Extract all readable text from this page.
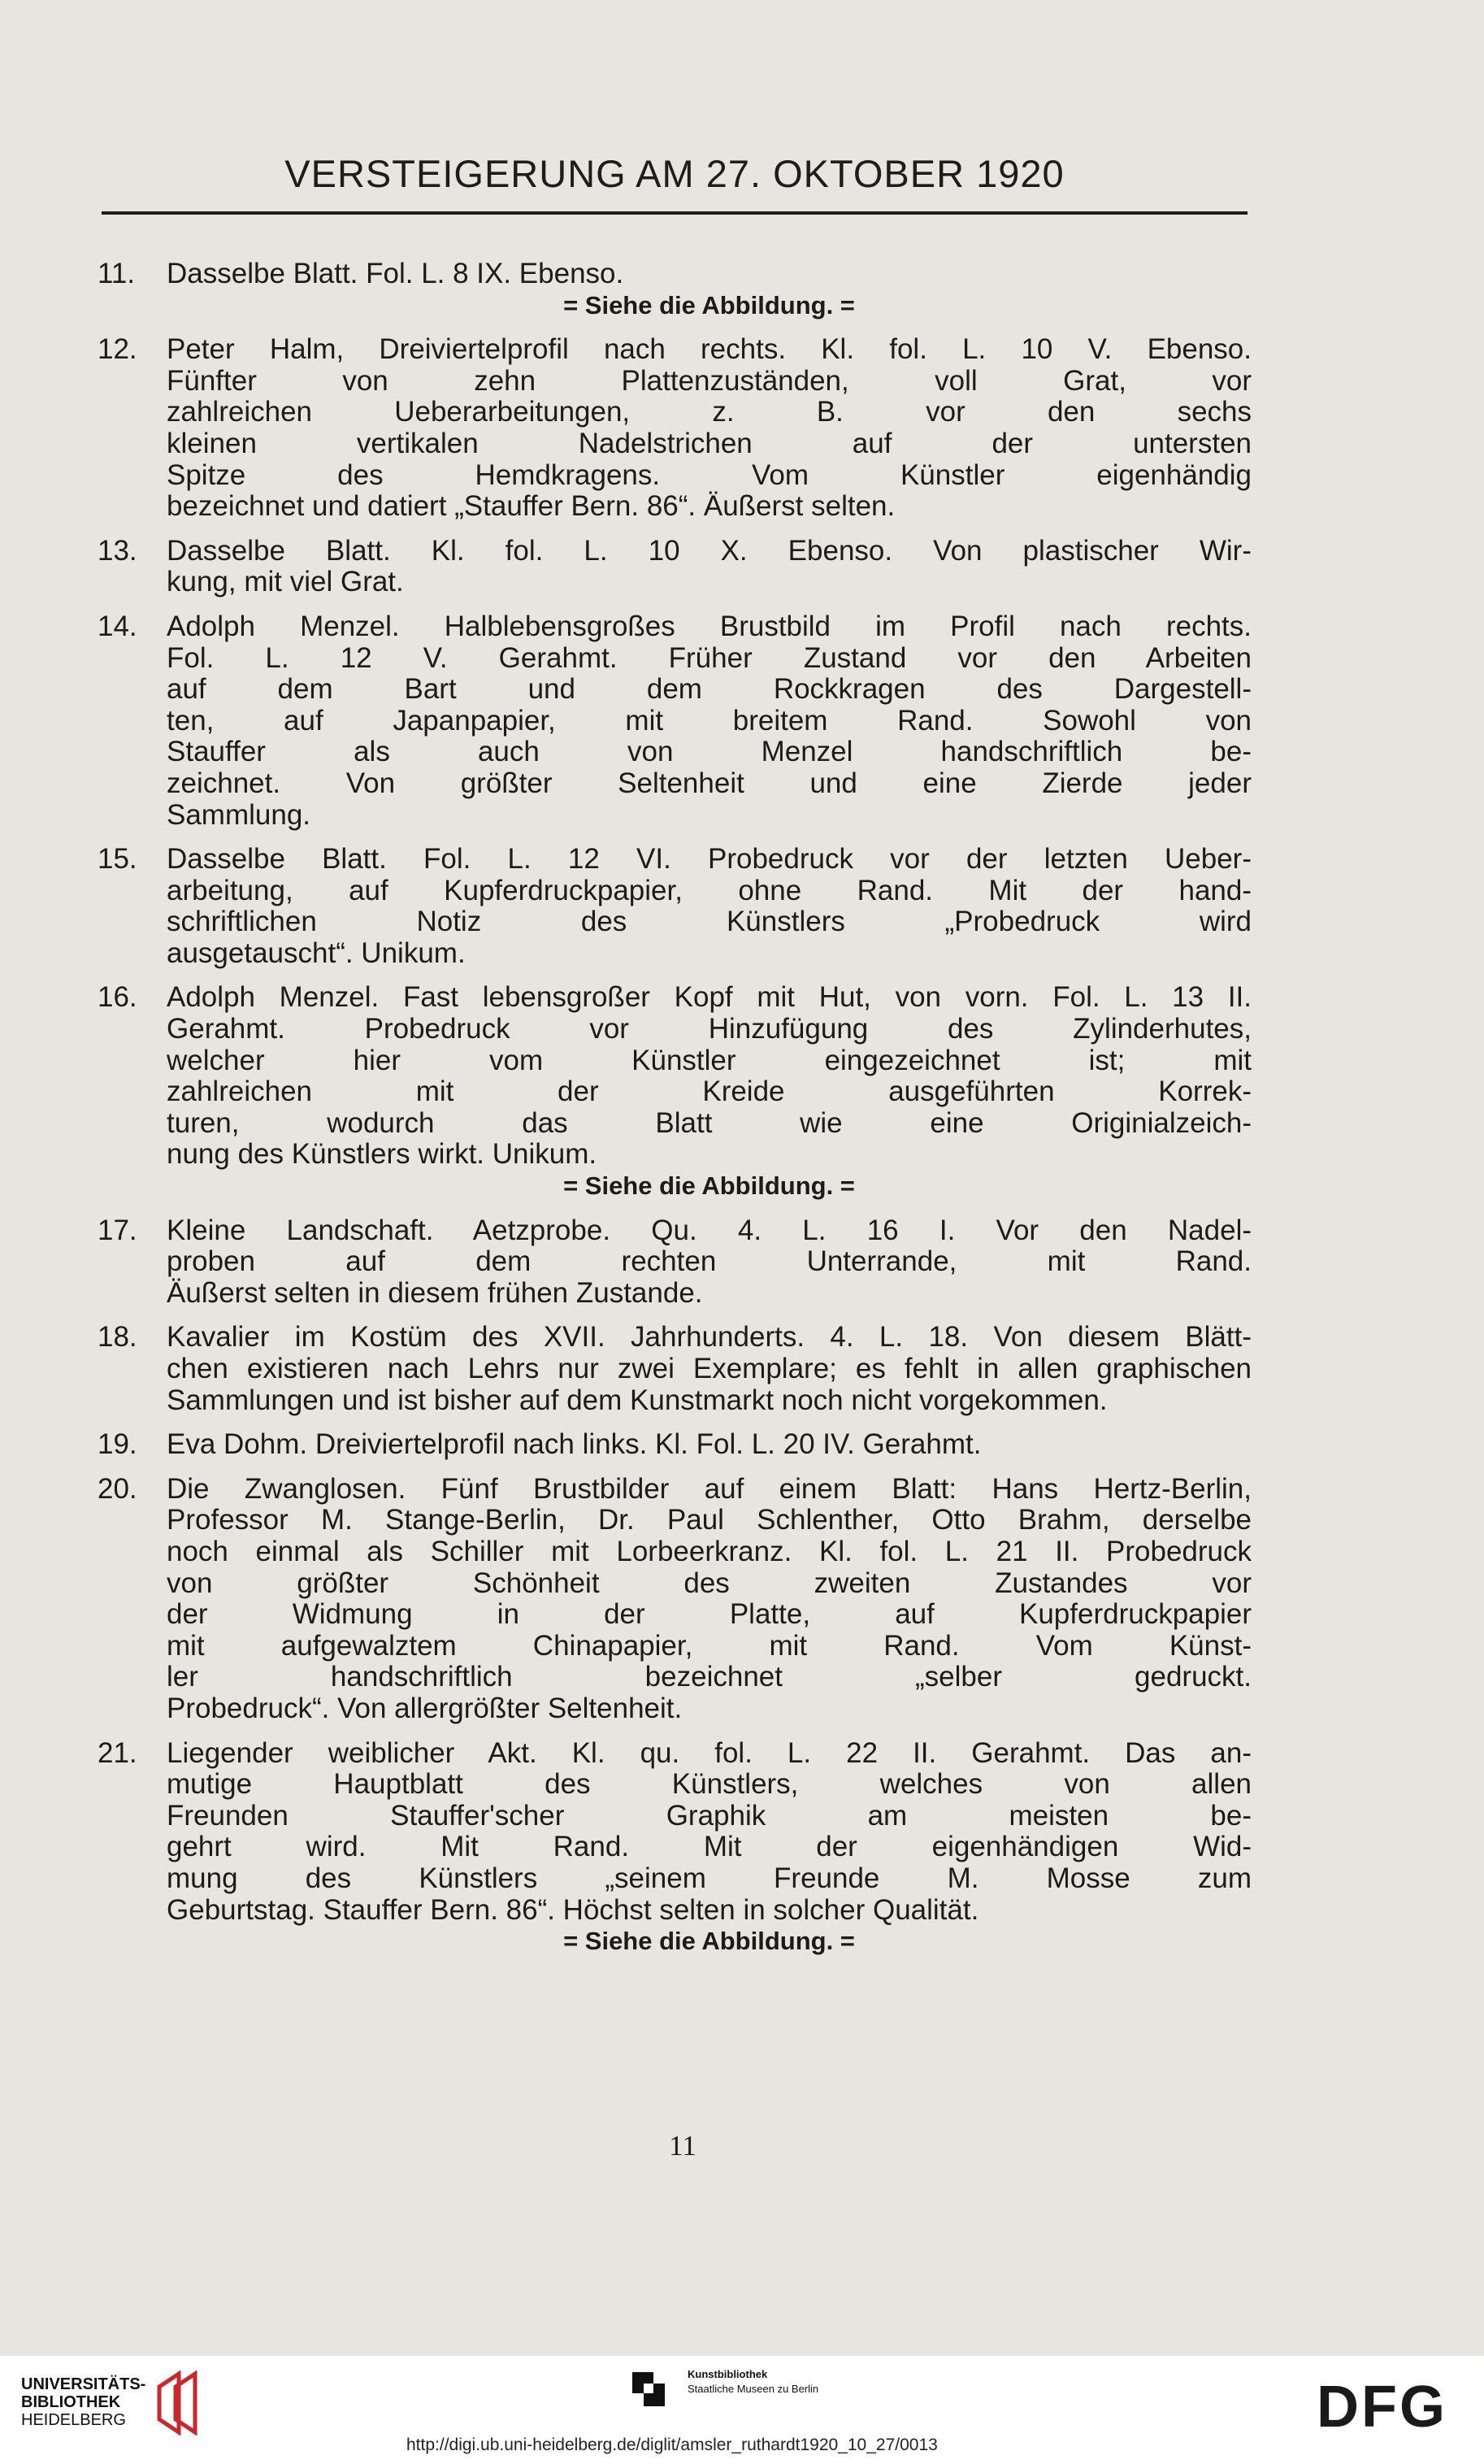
VERSTEIGERUNG AM 27. OKTOBER 1920
11.	Dasselbe Blatt. Fol. L. 8 IX. Ebenso.
= Siehe die Abbildung. =
12.	Peter Halm, Dreiviertelprofil nach rechts. Kl. fol. L. 10 V. Ebenso.
Fünfter von zehn Plattenzuständen, voll Grat, vor
zahlreichen Ueberarbeitungen, z. B. vor den sechs
kleinen vertikalen Nadelstrichen auf der untersten
Spitze des Hemdkragens. Vom Künstler eigenhändig
bezeichnet und datiert „Stauffer Bern. 86“. Äußerst selten.
13.	Dasselbe Blatt. Kl. fol. L. 10 X. Ebenso. Von plastischer Wir-
kung, mit viel Grat.
14.	Adolph Menzel. Halblebensgroßes Brustbild im Profil nach rechts.
Fol. L. 12 V. Gerahmt. Früher Zustand vor den Arbeiten
auf dem Bart und dem Rockkragen des Dargestell-
ten, auf Japanpapier, mit breitem Rand. Sowohl von
Stauffer als auch von Menzel handschriftlich be-
zeichnet. Von größter Seltenheit und eine Zierde jeder
Sammlung.
15.	Dasselbe Blatt. Fol. L. 12 VI. Probedruck vor der letzten Ueber-
arbeitung, auf Kupferdruckpapier, ohne Rand. Mit der hand-
schriftlichen Notiz des Künstlers „Probedruck wird
ausgetauscht“. Unikum.
16.	Adolph Menzel. Fast lebensgroßer Kopf mit Hut, von vorn. Fol. L. 13 II.
Gerahmt. Probedruck vor Hinzufügung des Zylinderhutes,
welcher hier vom Künstler eingezeichnet ist; mit
zahlreichen mit der Kreide ausgeführten Korrek-
turen, wodurch das Blatt wie eine Originialzeich-
nung des Künstlers wirkt. Unikum.
= Siehe die Abbildung. =
17.	Kleine Landschaft. Aetzprobe. Qu. 4. L. 16 I. Vor den Nadel-
proben auf dem rechten Unterrande, mit Rand.
Äußerst selten in diesem frühen Zustande.
18.	Kavalier im Kostüm des XVII. Jahrhunderts. 4. L. 18. Von diesem Blätt-
chen existieren nach Lehrs nur zwei Exemplare; es fehlt in allen graphischen
Sammlungen und ist bisher auf dem Kunstmarkt noch nicht vorgekommen.
19.	Eva Dohm. Dreiviertelprofil nach links. Kl. Fol. L. 20 IV. Gerahmt.
20.	Die Zwanglosen. Fünf Brustbilder auf einem Blatt: Hans Hertz-Berlin,
Professor M. Stange-Berlin, Dr. Paul Schlenther, Otto Brahm, derselbe
noch einmal als Schiller mit Lorbeerkranz. Kl. fol. L. 21 II. Probedruck
von größter Schönheit des zweiten Zustandes vor
der Widmung in der Platte, auf Kupferdruckpapier
mit aufgewalztem Chinapapier, mit Rand. Vom Künst-
ler handschriftlich bezeichnet „selber gedruckt.
Probedruck“. Von allergrößter Seltenheit.
21.	Liegender weiblicher Akt. Kl. qu. fol. L. 22 II. Gerahmt. Das an-
mutige Hauptblatt des Künstlers, welches von allen
Freunden Stauffer'scher Graphik am meisten be-
gehrt wird. Mit Rand. Mit der eigenhändigen Wid-
mung des Künstlers „seinem Freunde M. Mosse zum
Geburtstag. Stauffer Bern. 86“. Höchst selten in solcher Qualität.
= Siehe die Abbildung. =
11
UNIVERSITÄTS-
BIBLIOTHEK
HEIDELBERG
Kunstbibliothek
Staatliche Museen zu Berlin	DFG
http://digi.ub.uni-heidelberg.de/diglit/amsler_ruthardt1920_10_27/0013
